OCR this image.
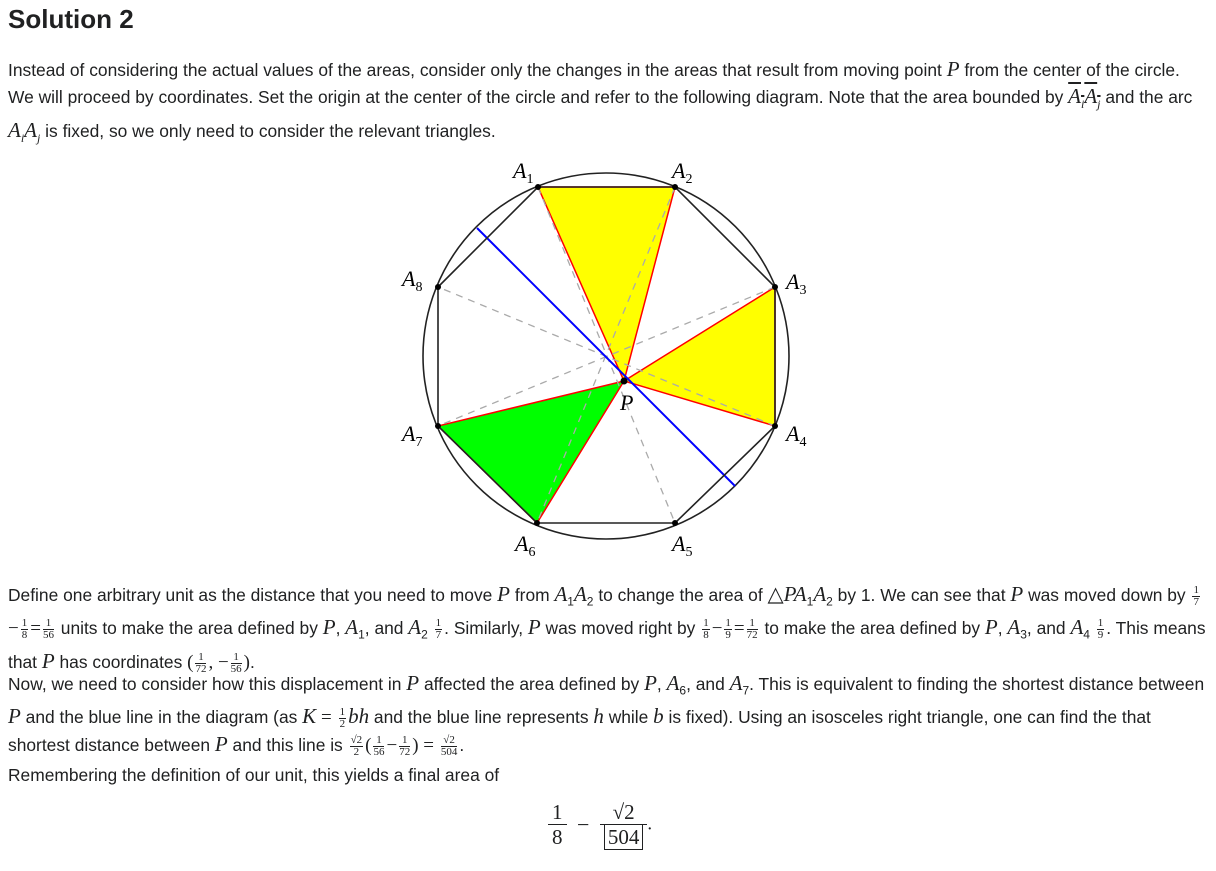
Solution 2

Instead of considering the actual values of the areas, consider only the changes in the areas that result from moving point P from the center of the circle. We will proceed by coordinates. Set the origin at the center of the circle and refer to the following diagram. Note that the area bounded by $A_iA_j$ and the arc $A_iA_j$ is fixed, so we only need to consider the relevant triangles.

$A_1$	$A_2$
$A_3$
$A_4$
$A_5$
$A_6$
$A_7$
$A_8$
P

Define one arbitrary unit as the distance that you need to move P from $A_1A_2$ to change the area of $\triangle PA_1A_2$ by 1. We can see that P was moved down by $\frac{1}{7}$
− $\frac{1}{8} = \frac{1}{56}$ units to make the area defined by P, $A_1$, and $A_2 \frac{1}{7}$ . Similarly, P was moved right by $\frac{1}{8} - \frac{1}{9} = \frac{1}{72}$ to make the area defined by P, $A_3$, and $A_4 \frac{1}{9}$ . This means that P has coordinates ( $\frac{1}{72}$ , − $\frac{1}{56}$ ).

Now, we need to consider how this displacement in P affected the area defined by P, $A_6$, and $A_7$. This is equivalent to finding the shortest distance between P and the blue line in the diagram (as $K = \frac{1}{2}$ bh and the blue line represents h while b is fixed). Using an isosceles right triangle, one can find the that shortest distance between P and this line is $\frac{√2}{2}$ ( $\frac{1}{56} - \frac{1}{72}$ ) = $\frac{√2}{504}$ .

Remembering the definition of our unit, this yields a final area of

$\frac{1}{8} - \frac{√2}{504}$ .
